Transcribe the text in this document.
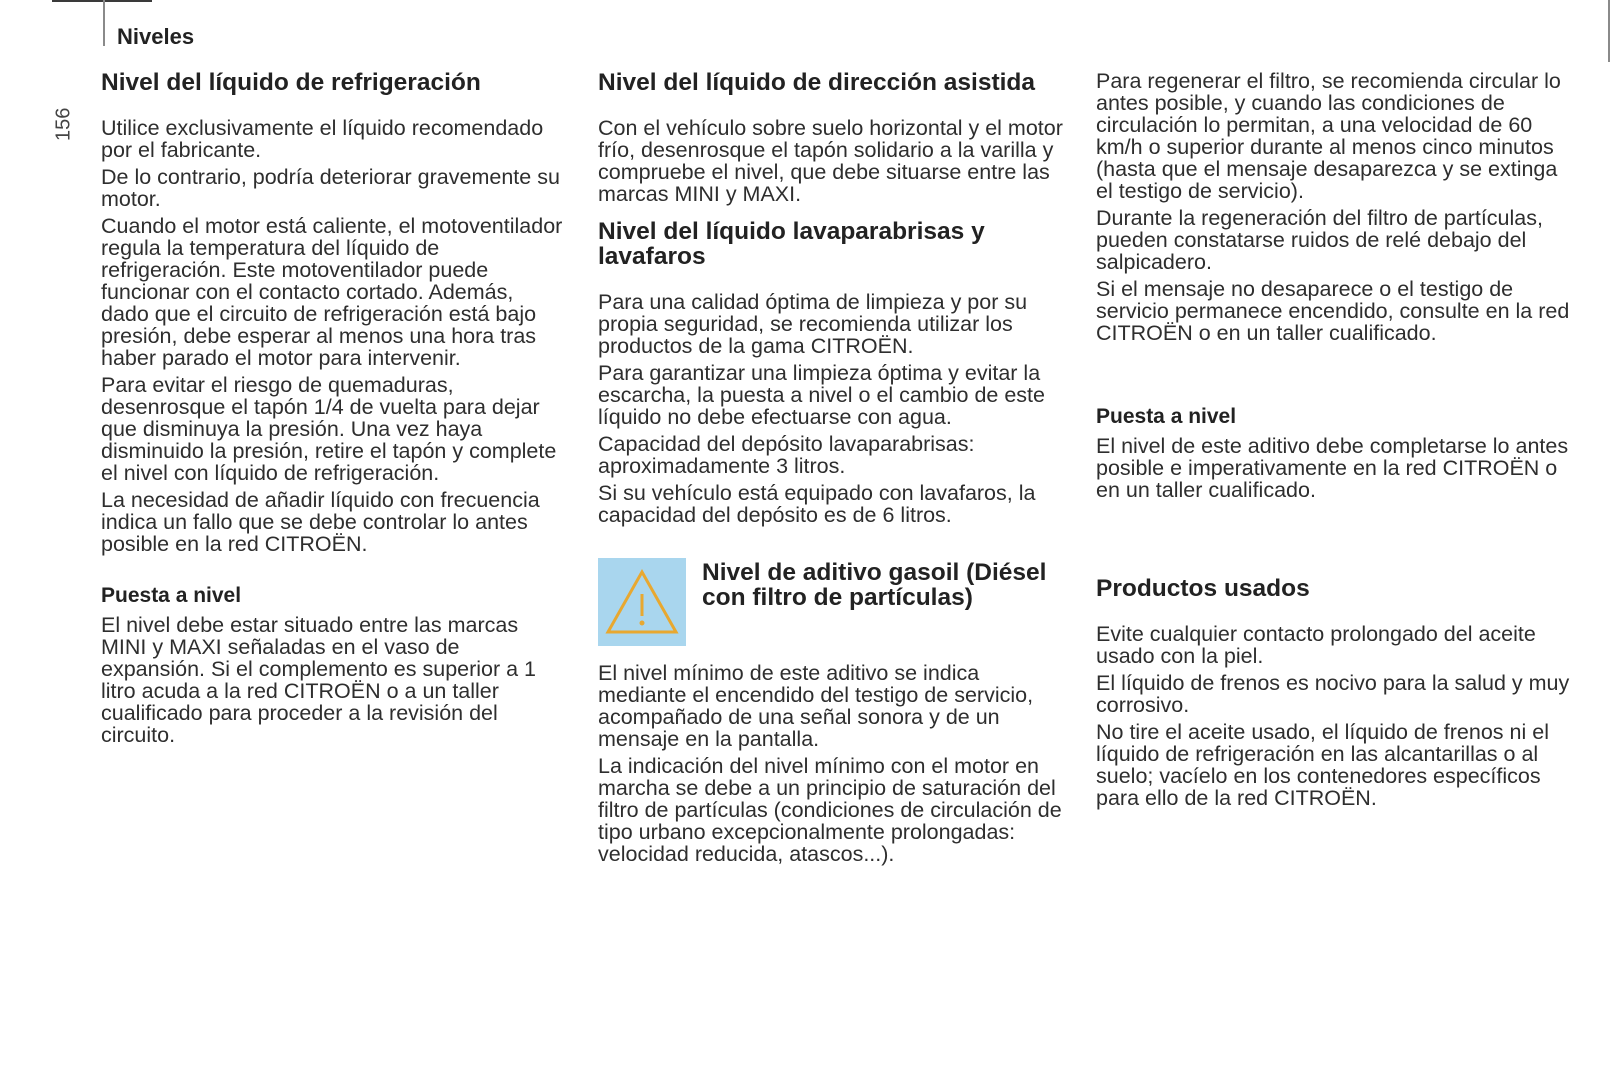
Niveles
156
Nivel del líquido de refrigeración

Utilice exclusivamente el líquido recomendado por el fabricante.

De lo contrario, podría deteriorar gravemente su motor.

Cuando el motor está caliente, el motoventilador regula la temperatura del líquido de refrigeración. Este motoventilador puede funcionar con el contacto cortado. Además, dado que el circuito de refrigeración está bajo presión, debe esperar al menos una hora tras haber parado el motor para intervenir.

Para evitar el riesgo de quemaduras, desenrosque el tapón 1/4 de vuelta para dejar que disminuya la presión. Una vez haya disminuido la presión, retire el tapón y complete el nivel con líquido de refrigeración.

La necesidad de añadir líquido con frecuencia indica un fallo que se debe controlar lo antes posible en la red CITROËN.

Puesta a nivel

El nivel debe estar situado entre las marcas MINI y MAXI señaladas en el vaso de expansión. Si el complemento es superior a 1 litro acuda a la red CITROËN o a un taller cualificado para proceder a la revisión del circuito.

Nivel del líquido de dirección asistida

Con el vehículo sobre suelo horizontal y el motor frío, desenrosque el tapón solidario a la varilla y compruebe el nivel, que debe situarse entre las marcas MINI y MAXI.

Nivel del líquido lavaparabrisas y lavafaros

Para una calidad óptima de limpieza y por su propia seguridad, se recomienda utilizar los productos de la gama CITROËN.

Para garantizar una limpieza óptima y evitar la escarcha, la puesta a nivel o el cambio de este líquido no debe efectuarse con agua.

Capacidad del depósito lavaparabrisas: aproximadamente 3 litros.

Si su vehículo está equipado con lavafaros, la capacidad del depósito es de 6 litros.

Nivel de aditivo gasoil (Diésel con filtro de partículas)

El nivel mínimo de este aditivo se indica mediante el encendido del testigo de servicio, acompañado de una señal sonora y de un mensaje en la pantalla.

La indicación del nivel mínimo con el motor en marcha se debe a un principio de saturación del filtro de partículas (condiciones de circulación de tipo urbano excepcionalmente prolongadas: velocidad reducida, atascos...).

Para regenerar el filtro, se recomienda circular lo antes posible, y cuando las condiciones de circulación lo permitan, a una velocidad de 60 km/h o superior durante al menos cinco minutos (hasta que el mensaje desaparezca y se extinga el testigo de servicio).

Durante la regeneración del filtro de partículas, pueden constatarse ruidos de relé debajo del salpicadero.

Si el mensaje no desaparece o el testigo de servicio permanece encendido, consulte en la red CITROËN o en un taller cualificado.

Puesta a nivel

El nivel de este aditivo debe completarse lo antes posible e imperativamente en la red CITROËN o en un taller cualificado.

Productos usados

Evite cualquier contacto prolongado del aceite usado con la piel.

El líquido de frenos es nocivo para la salud y muy corrosivo.

No tire el aceite usado, el líquido de frenos ni el líquido de refrigeración en las alcantarillas o al suelo; vacíelo en los contenedores específicos para ello de la red CITROËN.
